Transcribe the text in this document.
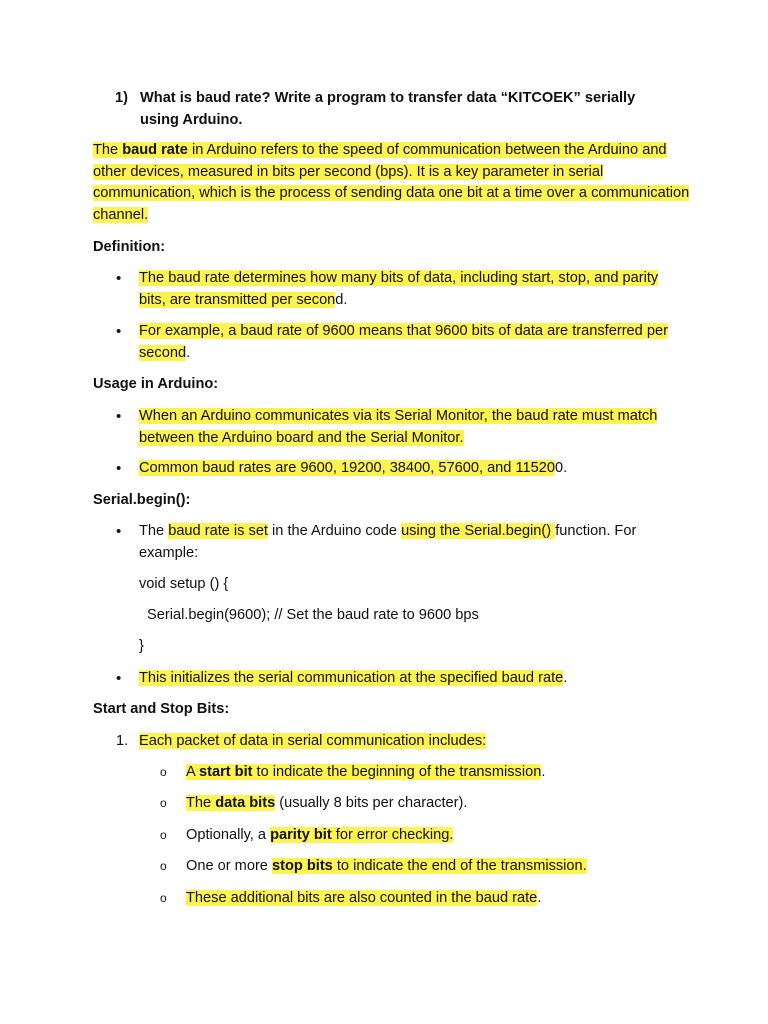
1) What is baud rate? Write a program to transfer data “KITCOEK” serially using Arduino.
The baud rate in Arduino refers to the speed of communication between the Arduino and other devices, measured in bits per second (bps). It is a key parameter in serial communication, which is the process of sending data one bit at a time over a communication channel.
Definition:
• The baud rate determines how many bits of data, including start, stop, and parity bits, are transmitted per second.
• For example, a baud rate of 9600 means that 9600 bits of data are transferred per second.
Usage in Arduino:
• When an Arduino communicates via its Serial Monitor, the baud rate must match between the Arduino board and the Serial Monitor.
• Common baud rates are 9600, 19200, 38400, 57600, and 115200.
Serial.begin():
• The baud rate is set in the Arduino code using the Serial.begin() function. For example:
void setup () {
Serial.begin(9600); // Set the baud rate to 9600 bps
}
• This initializes the serial communication at the specified baud rate.
Start and Stop Bits:
1. Each packet of data in serial communication includes:
o A start bit to indicate the beginning of the transmission.
o The data bits (usually 8 bits per character).
o Optionally, a parity bit for error checking.
o One or more stop bits to indicate the end of the transmission.
o These additional bits are also counted in the baud rate.
